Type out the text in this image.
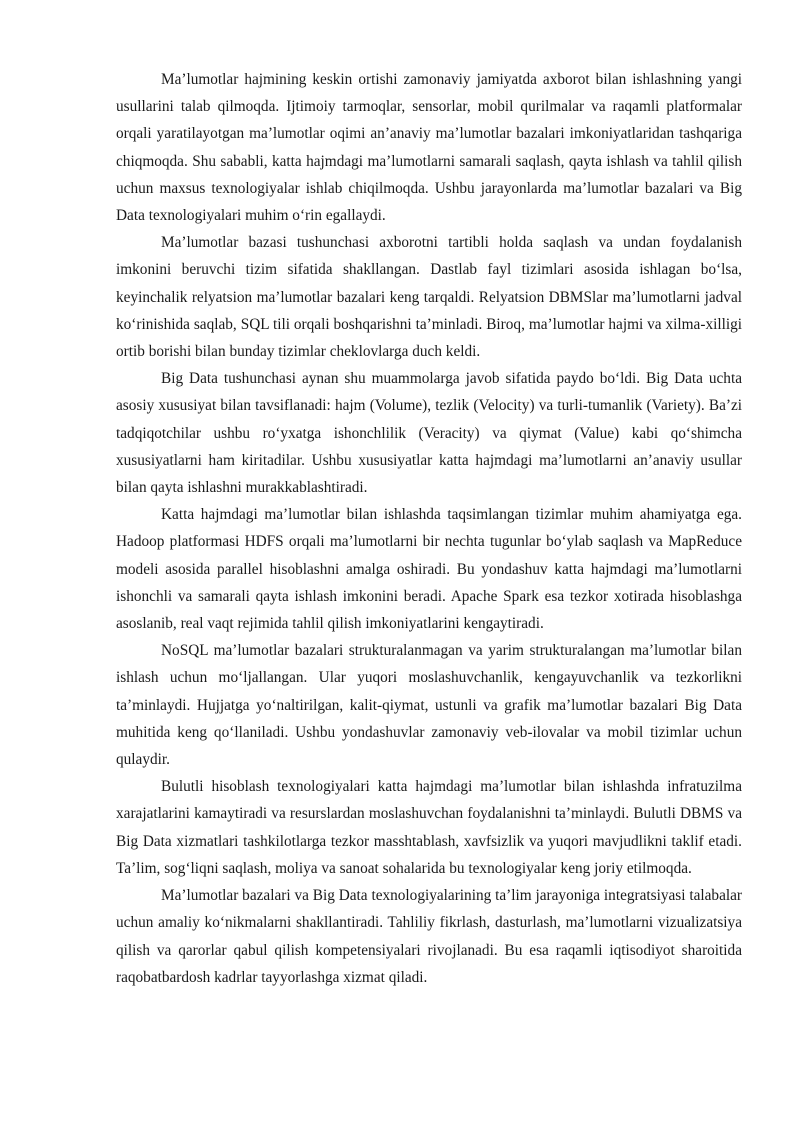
Ma’lumotlar hajmining keskin ortishi zamonaviy jamiyatda axborot bilan ishlashning yangi usullarini talab qilmoqda. Ijtimoiy tarmoqlar, sensorlar, mobil qurilmalar va raqamli platformalar orqali yaratilayotgan ma’lumotlar oqimi an’anaviy ma’lumotlar bazalari imkoniyatlaridan tashqariga chiqmoqda. Shu sababli, katta hajmdagi ma’lumotlarni samarali saqlash, qayta ishlash va tahlil qilish uchun maxsus texnologiyalar ishlab chiqilmoqda. Ushbu jarayonlarda ma’lumotlar bazalari va Big Data texnologiyalari muhim o‘rin egallaydi.

Ma’lumotlar bazasi tushunchasi axborotni tartibli holda saqlash va undan foydalanish imkonini beruvchi tizim sifatida shakllangan. Dastlab fayl tizimlari asosida ishlagan bo‘lsa, keyinchalik relyatsion ma’lumotlar bazalari keng tarqaldi. Relyatsion DBMSlar ma’lumotlarni jadval ko‘rinishida saqlab, SQL tili orqali boshqarishni ta’minladi. Biroq, ma’lumotlar hajmi va xilma-xilligi ortib borishi bilan bunday tizimlar cheklovlarga duch keldi.

Big Data tushunchasi aynan shu muammolarga javob sifatida paydo bo‘ldi. Big Data uchta asosiy xususiyat bilan tavsiflanadi: hajm (Volume), tezlik (Velocity) va turli-tumanlik (Variety). Ba’zi tadqiqotchilar ushbu ro‘yxatga ishonchlilik (Veracity) va qiymat (Value) kabi qo‘shimcha xususiyatlarni ham kiritadilar. Ushbu xususiyatlar katta hajmdagi ma’lumotlarni an’anaviy usullar bilan qayta ishlashni murakkablashtiradi.

Katta hajmdagi ma’lumotlar bilan ishlashda taqsimlangan tizimlar muhim ahamiyatga ega. Hadoop platformasi HDFS orqali ma’lumotlarni bir nechta tugunlar bo‘ylab saqlash va MapReduce modeli asosida parallel hisoblashni amalga oshiradi. Bu yondashuv katta hajmdagi ma’lumotlarni ishonchli va samarali qayta ishlash imkonini beradi. Apache Spark esa tezkor xotirada hisoblashga asoslanib, real vaqt rejimida tahlil qilish imkoniyatlarini kengaytiradi.

NoSQL ma’lumotlar bazalari strukturalanmagan va yarim strukturalangan ma’lumotlar bilan ishlash uchun mo‘ljallangan. Ular yuqori moslashuvchanlik, kengayuvchanlik va tezkorlikni ta’minlaydi. Hujjatga yo‘naltirilgan, kalit-qiymat, ustunli va grafik ma’lumotlar bazalari Big Data muhitida keng qo‘llaniladi. Ushbu yondashuvlar zamonaviy veb-ilovalar va mobil tizimlar uchun qulaydir.

Bulutli hisoblash texnologiyalari katta hajmdagi ma’lumotlar bilan ishlashda infratuzilma xarajatlarini kamaytiradi va resurslardan moslashuvchan foydalanishni ta’minlaydi. Bulutli DBMS va Big Data xizmatlari tashkilotlarga tezkor masshtablash, xavfsizlik va yuqori mavjudlikni taklif etadi. Ta’lim, sog‘liqni saqlash, moliya va sanoat sohalarida bu texnologiyalar keng joriy etilmoqda.

Ma’lumotlar bazalari va Big Data texnologiyalarining ta’lim jarayoniga integratsiyasi talabalar uchun amaliy ko‘nikmalarni shakllantiradi. Tahliliy fikrlash, dasturlash, ma’lumotlarni vizualizatsiya qilish va qarorlar qabul qilish kompetensiyalari rivojlanadi. Bu esa raqamli iqtisodiyot sharoitida raqobatbardosh kadrlar tayyorlashga xizmat qiladi.
